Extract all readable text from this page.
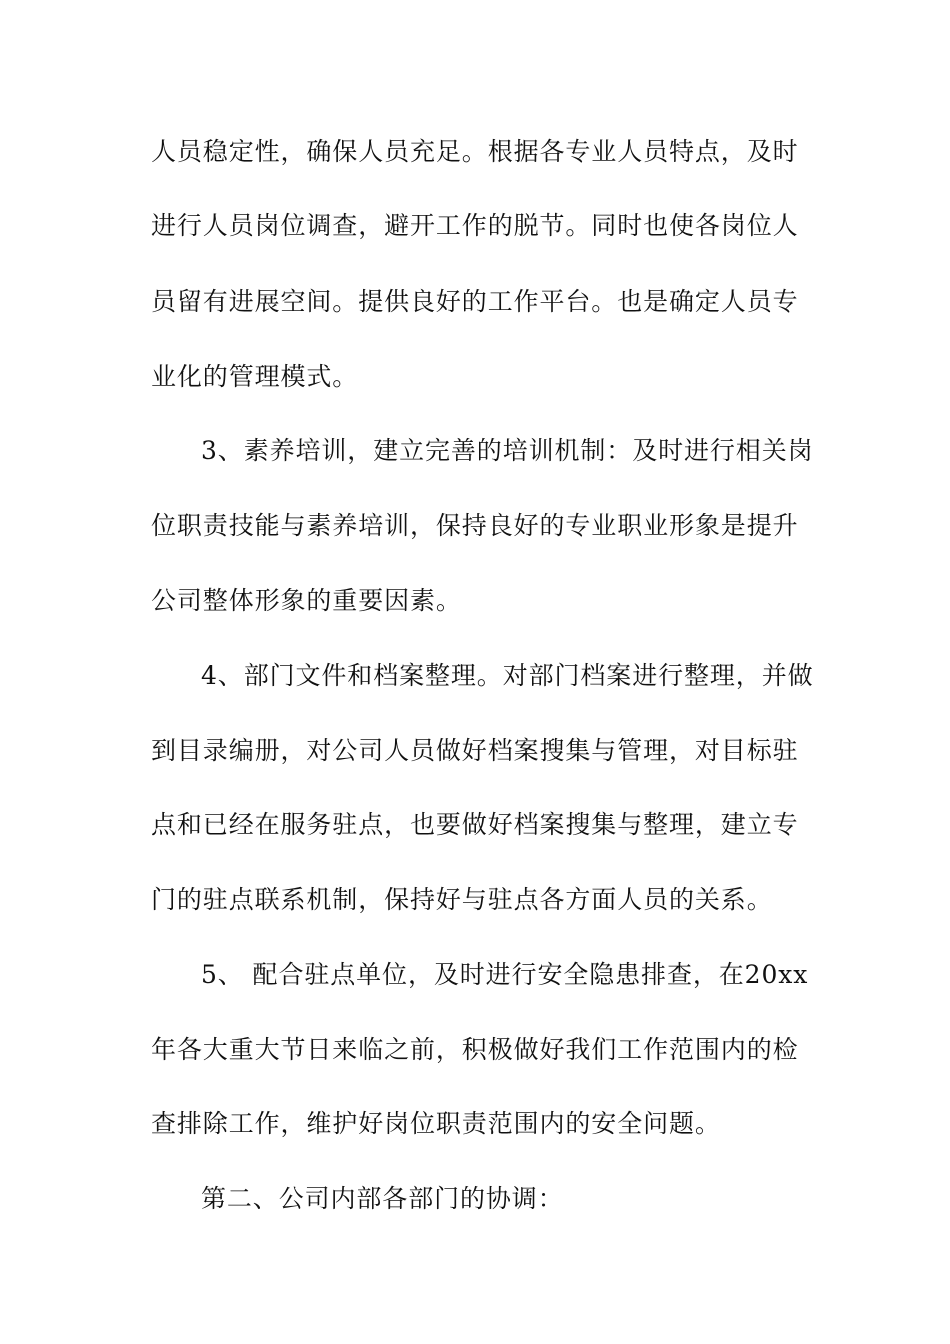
人员稳定性，确保人员充足。根据各专业人员特点，及时
进行人员岗位调查，避开工作的脱节。同时也使各岗位人
员留有进展空间。提供良好的工作平台。也是确定人员专
业化的管理模式。
3、素养培训，建立完善的培训机制：及时进行相关岗
位职责技能与素养培训，保持良好的专业职业形象是提升
公司整体形象的重要因素。
4、部门文件和档案整理。对部门档案进行整理，并做
到目录编册，对公司人员做好档案搜集与管理，对目标驻
点和已经在服务驻点，也要做好档案搜集与整理，建立专
门的驻点联系机制，保持好与驻点各方面人员的关系。
5、 配合驻点单位，及时进行安全隐患排查，在20xx
年各大重大节日来临之前，积极做好我们工作范围内的检
查排除工作，维护好岗位职责范围内的安全问题。
第二、公司内部各部门的协调：
